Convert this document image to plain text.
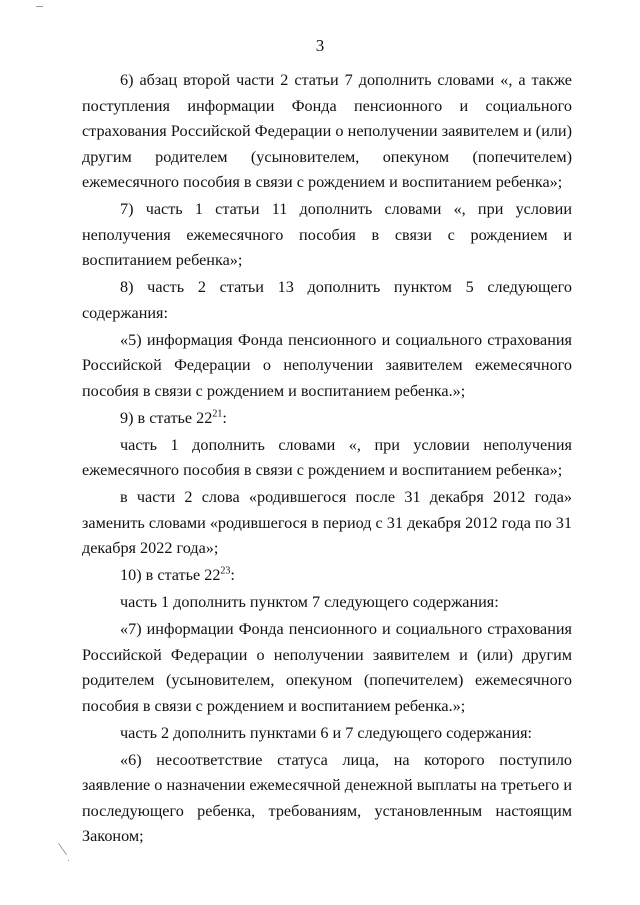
3

6) абзац второй части 2 статьи 7 дополнить словами «, а также поступления информации Фонда пенсионного и социального страхования Российской Федерации о неполучении заявителем и (или) другим родителем (усыновителем, опекуном (попечителем) ежемесячного пособия в связи с рождением и воспитанием ребенка»;

7) часть 1 статьи 11 дополнить словами «, при условии неполучения ежемесячного пособия в связи с рождением и воспитанием ребенка»;

8) часть 2 статьи 13 дополнить пунктом 5 следующего содержания:

«5) информация Фонда пенсионного и социального страхования Российской Федерации о неполучении заявителем ежемесячного пособия в связи с рождением и воспитанием ребенка.»;

9) в статье $22^{21}$:

часть 1 дополнить словами «, при условии неполучения ежемесячного пособия в связи с рождением и воспитанием ребенка»;

в части 2 слова «родившегося после 31 декабря 2012 года» заменить словами «родившегося в период с 31 декабря 2012 года по 31 декабря 2022 года»;

10) в статье $22^{23}$:

часть 1 дополнить пунктом 7 следующего содержания:

«7) информации Фонда пенсионного и социального страхования Российской Федерации о неполучении заявителем и (или) другим родителем (усыновителем, опекуном (попечителем) ежемесячного пособия в связи с рождением и воспитанием ребенка.»;

часть 2 дополнить пунктами 6 и 7 следующего содержания:

«6) несоответствие статуса лица, на которого поступило заявление о назначении ежемесячной денежной выплаты на третьего и последующего ребенка, требованиям, установленным настоящим Законом;
